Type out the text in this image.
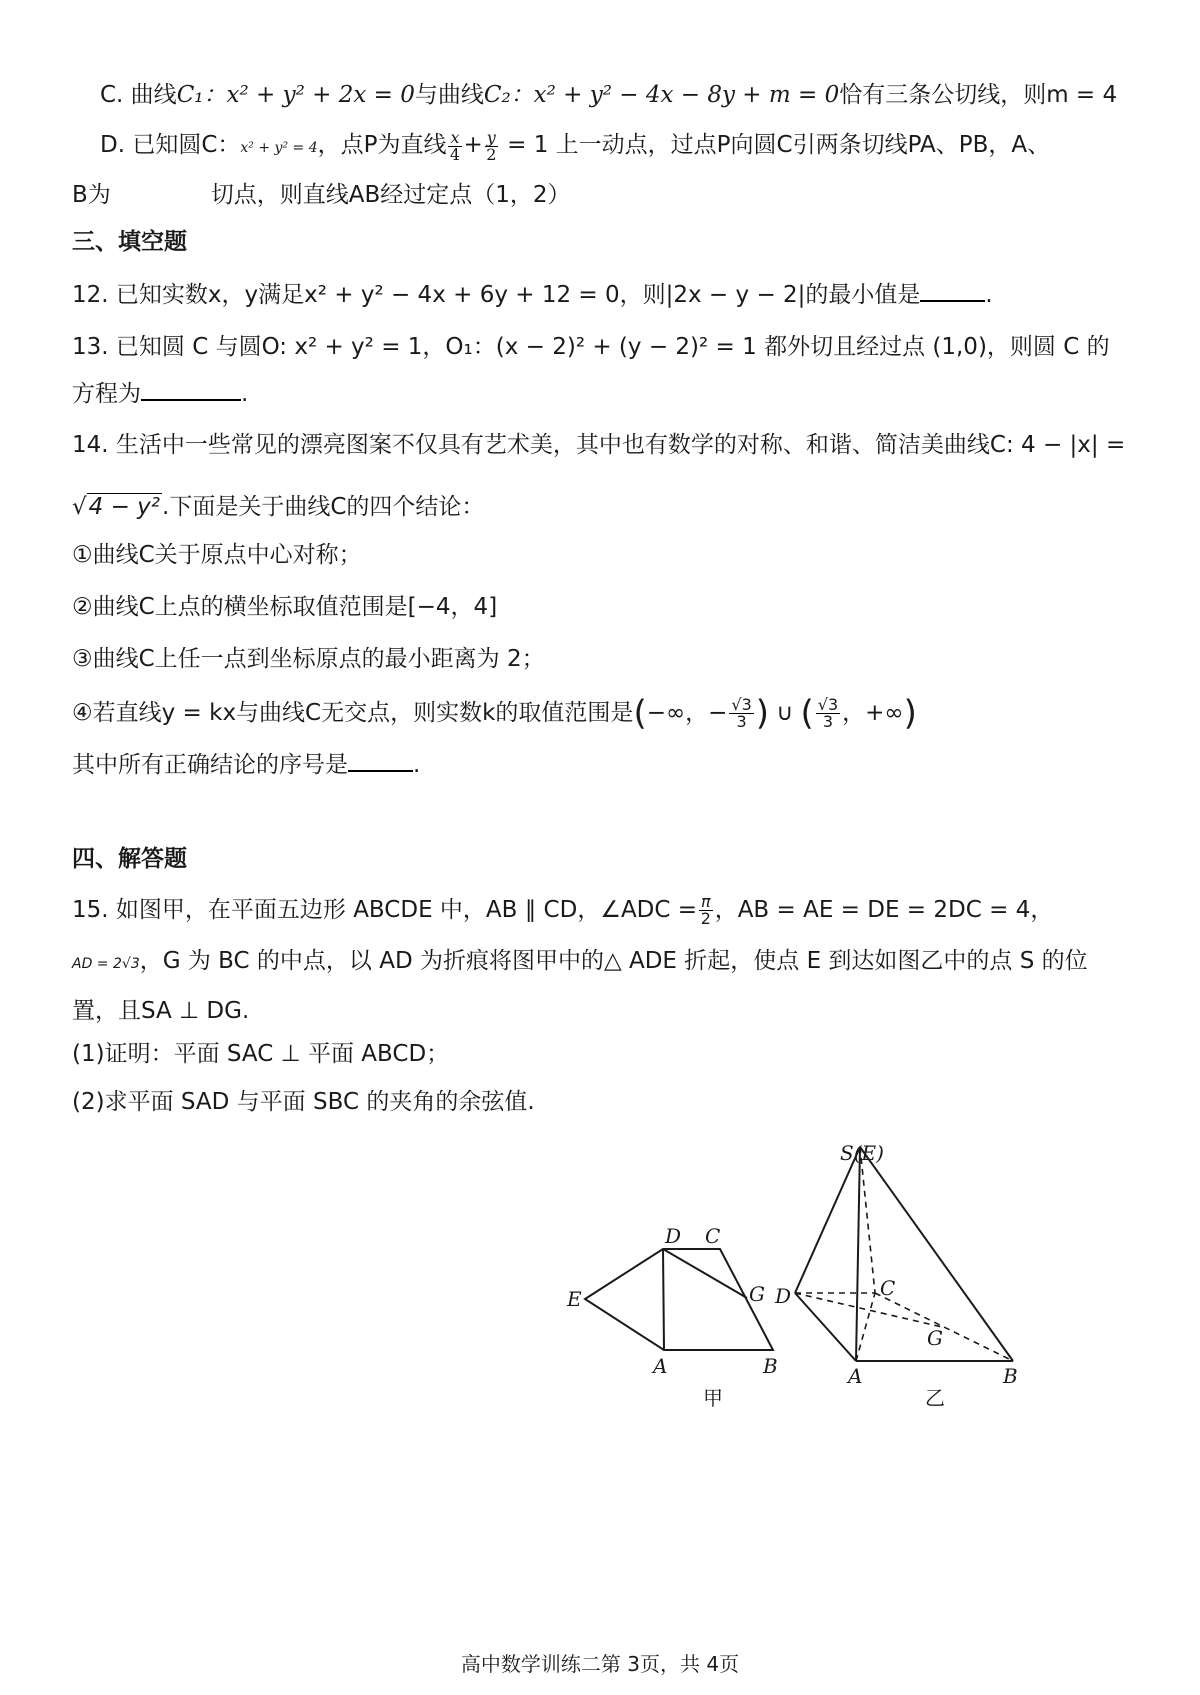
C. 曲线C₁：x² + y² + 2x = 0与曲线C₂：x² + y² − 4x − 8y + m = 0恰有三条公切线，则m = 4
D. 已知圆C：x² + y² = 4，点P为直线 $\frac{x}{4} + \frac{y}{2} = 1$ 上一动点，过点P向圆C引两条切线PA、PB，A、
B为	切点，则直线AB经过定点（1，2）
三、填空题
12. 已知实数x，y满足x² + y² − 4x + 6y + 12 = 0，则|2x − y − 2|的最小值是	.
13. 已知圆 C 与圆O: x² + y² = 1，O₁：(x − 2)² + (y − 2)² = 1 都外切且经过点 (1,0)，则圆 C 的
方程为	.
14. 生活中一些常见的漂亮图案不仅具有艺术美，其中也有数学的对称、和谐、简洁美曲线C: 4 − |x| =
√4 − y².下面是关于曲线C的四个结论：
①曲线C关于原点中心对称；
②曲线C上点的横坐标取值范围是[−4，4]
③曲线C上任一点到坐标原点的最小距离为 2；
④若直线y = kx与曲线C无交点，则实数k的取值范围是(−∞，− $\frac{√3}{3}$ ) ∪ ( $\frac{√3}{3}$ ，+∞)
其中所有正确结论的序号是	.
四、解答题
15. 如图甲，在平面五边形 ABCDE 中，AB ∥ CD，∠ADC = $\frac{\pi}{2}$ ，AB = AE = DE = 2DC = 4，
AD = 2√3，G 为 BC 的中点，以 AD 为折痕将图甲中的△ ADE 折起，使点 E 到达如图乙中的点 S 的位
置，且SA ⊥ DG.
(1)证明：平面 SAC ⊥ 平面 ABCD；
(2)求平面 SAD 与平面 SBC 的夹角的余弦值.
D C
E	G
A	B
甲
S(E)
C
D
G
A	B
乙
高中数学训练二第 3页，共 4页
